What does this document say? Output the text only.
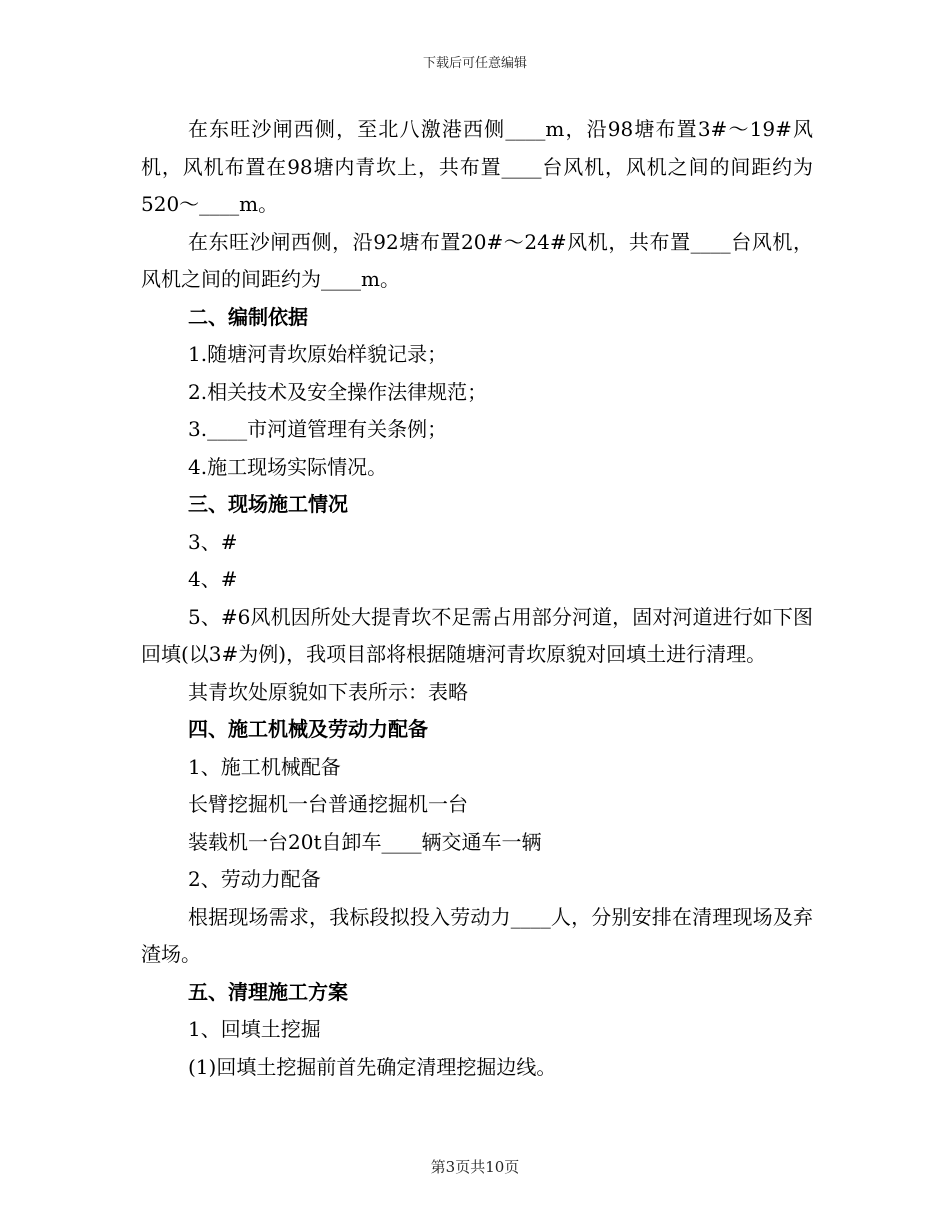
下载后可任意编辑

在东旺沙闸西侧，至北八激港西侧____m，沿98塘布置3#～19#风机，风机布置在98塘内青坎上，共布置____台风机，风机之间的间距约为520～____m。

在东旺沙闸西侧，沿92塘布置20#～24#风机，共布置____台风机，风机之间的间距约为____m。

二、编制依据

1.随塘河青坎原始样貌记录；

2.相关技术及安全操作法律规范；

3.____市河道管理有关条例；

4.施工现场实际情况。

三、现场施工情况

3、#

4、#

5、#6风机因所处大提青坎不足需占用部分河道，固对河道进行如下图回填(以3#为例)，我项目部将根据随塘河青坎原貌对回填土进行清理。

其青坎处原貌如下表所示：表略

四、施工机械及劳动力配备

1、施工机械配备

长臂挖掘机一台普通挖掘机一台

装载机一台20t自卸车____辆交通车一辆

2、劳动力配备

根据现场需求，我标段拟投入劳动力____人，分别安排在清理现场及弃渣场。

五、清理施工方案

1、回填土挖掘

(1)回填土挖掘前首先确定清理挖掘边线。

第3页共10页
